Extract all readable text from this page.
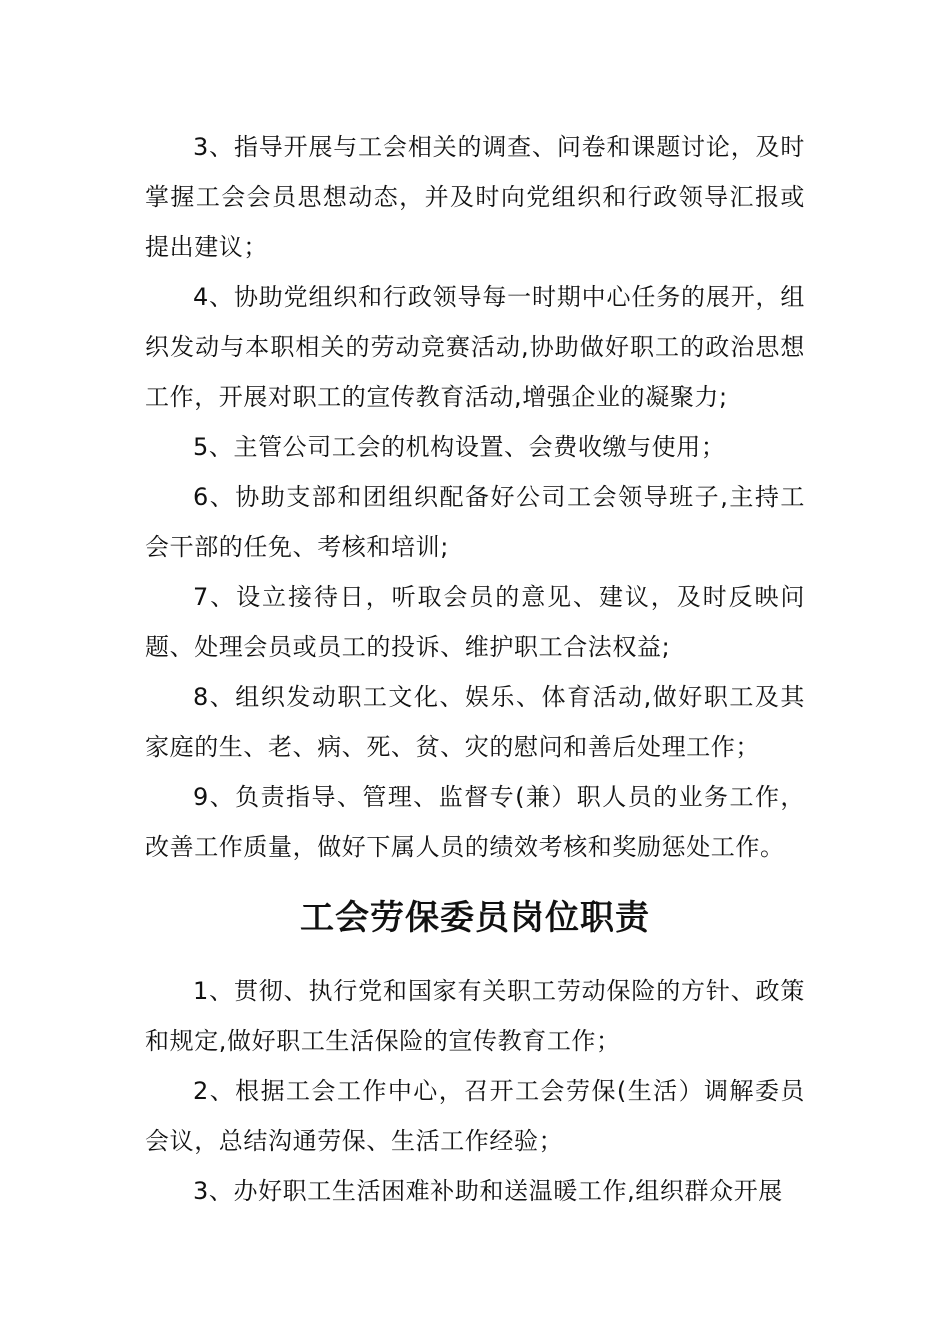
3、指导开展与工会相关的调查、问卷和课题讨论，及时掌握工会会员思想动态，并及时向党组织和行政领导汇报或提出建议；

4、协助党组织和行政领导每一时期中心任务的展开，组织发动与本职相关的劳动竞赛活动,协助做好职工的政治思想工作，开展对职工的宣传教育活动,增强企业的凝聚力;

5、主管公司工会的机构设置、会费收缴与使用；

6、协助支部和团组织配备好公司工会领导班子,主持工会干部的任免、考核和培训;

7、设立接待日，听取会员的意见、建议，及时反映问题、处理会员或员工的投诉、维护职工合法权益;

8、组织发动职工文化、娱乐、体育活动,做好职工及其家庭的生、老、病、死、贫、灾的慰问和善后处理工作；

9、负责指导、管理、监督专(兼）职人员的业务工作，改善工作质量，做好下属人员的绩效考核和奖励惩处工作。

工会劳保委员岗位职责

1、贯彻、执行党和国家有关职工劳动保险的方针、政策和规定,做好职工生活保险的宣传教育工作；

2、根据工会工作中心，召开工会劳保(生活）调解委员会议，总结沟通劳保、生活工作经验；

3、办好职工生活困难补助和送温暖工作,组织群众开展
